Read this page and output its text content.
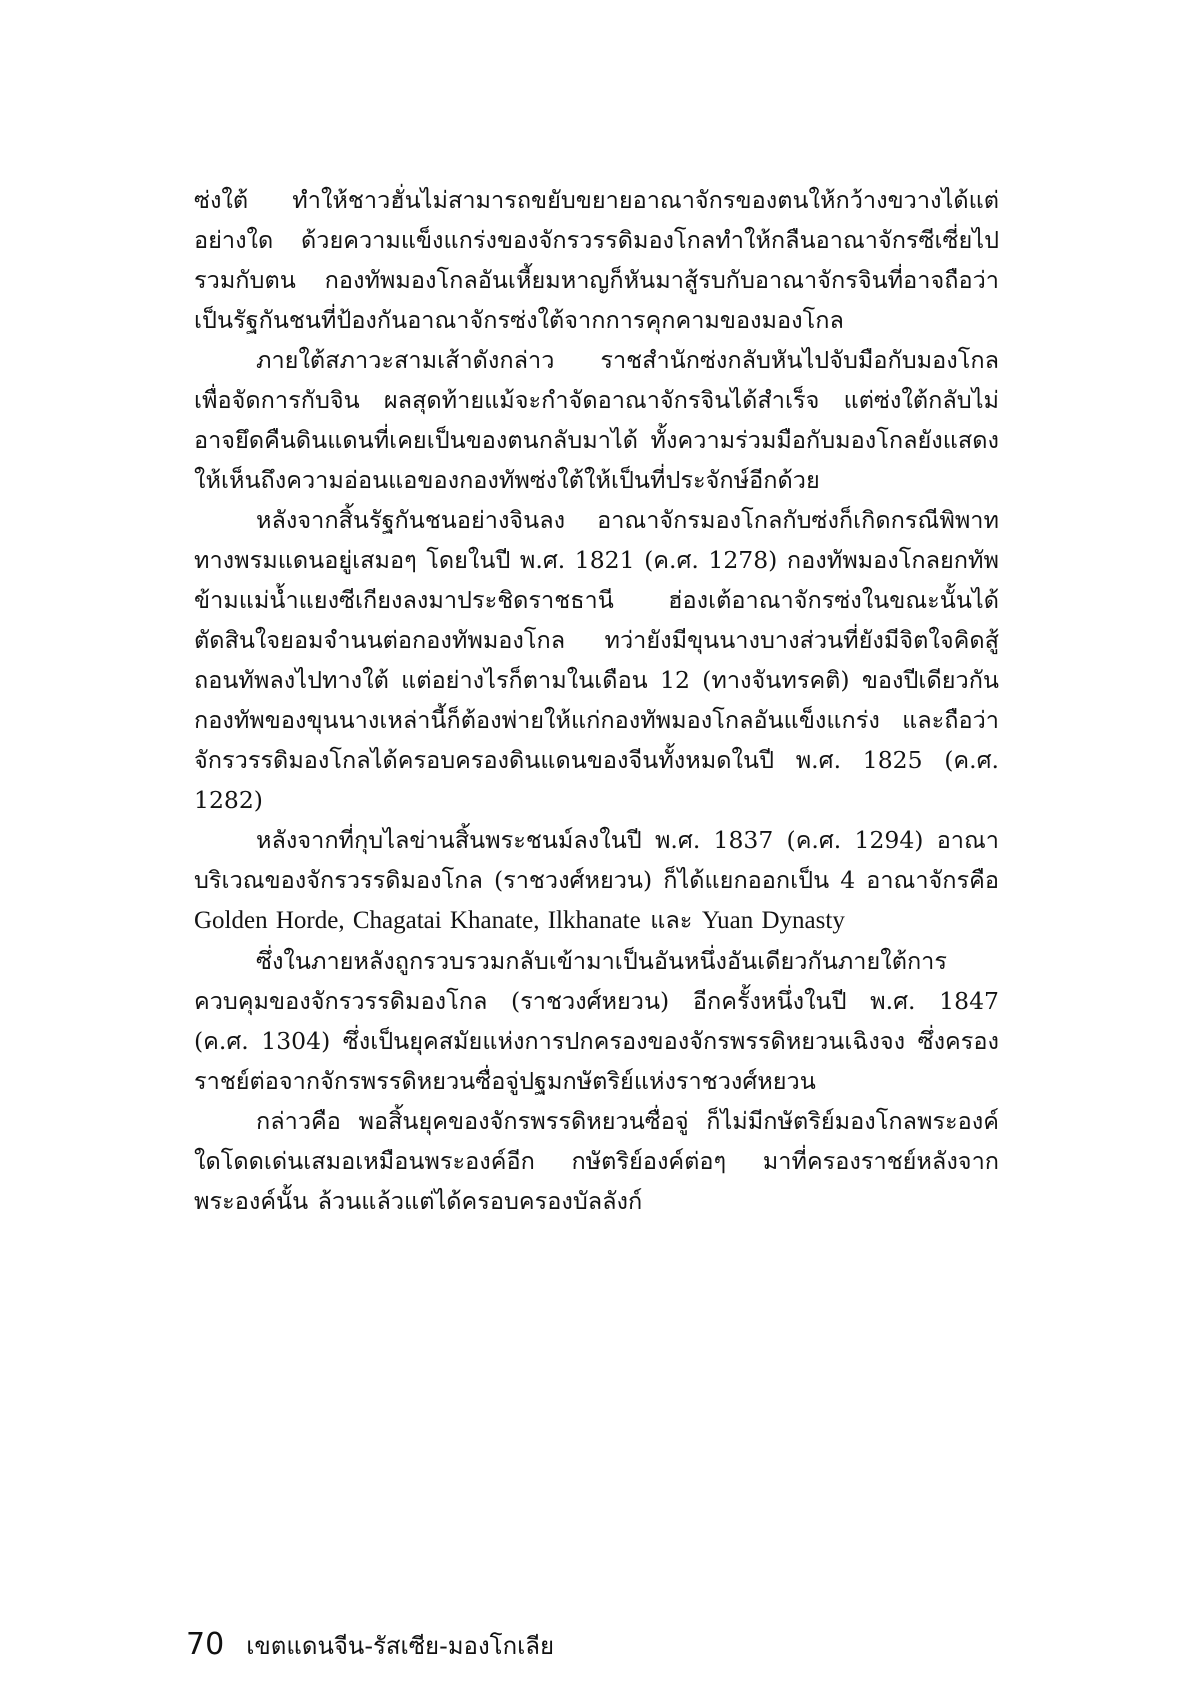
ซ่งใต้ ทำให้ชาวฮั่นไม่สามารถขยับขยายอาณาจักรของตนให้กว้างขวางได้แต่อย่างใด ด้วยความแข็งแกร่งของจักรวรรดิมองโกลทำให้กลืนอาณาจักรซีเซี่ยไปรวมกับตน กองทัพมองโกลอันเหี้ยมหาญก็หันมาสู้รบกับอาณาจักรจินที่อาจถือว่าเป็นรัฐกันชนที่ป้องกันอาณาจักรซ่งใต้จากการคุกคามของมองโกล

ภายใต้สภาวะสามเส้าดังกล่าว ราชสำนักซ่งกลับหันไปจับมือกับมองโกลเพื่อจัดการกับจิน ผลสุดท้ายแม้จะกำจัดอาณาจักรจินได้สำเร็จ แต่ซ่งใต้กลับไม่อาจยึดคืนดินแดนที่เคยเป็นของตนกลับมาได้ ทั้งความร่วมมือกับมองโกลยังแสดงให้เห็นถึงความอ่อนแอของกองทัพซ่งใต้ให้เป็นที่ประจักษ์อีกด้วย

หลังจากสิ้นรัฐกันชนอย่างจินลง อาณาจักรมองโกลกับซ่งก็เกิดกรณีพิพาททางพรมแดนอยู่เสมอๆ โดยในปี พ.ศ. 1821 (ค.ศ. 1278) กองทัพมองโกลยกทัพข้ามแม่น้ำแยงซีเกียงลงมาประชิดราชธานี ฮ่องเต้อาณาจักรซ่งในขณะนั้นได้ตัดสินใจยอมจำนนต่อกองทัพมองโกล ทว่ายังมีขุนนางบางส่วนที่ยังมีจิตใจคิดสู้ถอนทัพลงไปทางใต้ แต่อย่างไรก็ตามในเดือน 12 (ทางจันทรคติ) ของปีเดียวกัน กองทัพของขุนนางเหล่านี้ก็ต้องพ่ายให้แก่กองทัพมองโกลอันแข็งแกร่ง และถือว่าจักรวรรดิมองโกลได้ครอบครองดินแดนของจีนทั้งหมดในปี พ.ศ. 1825 (ค.ศ. 1282)

หลังจากที่กุบไลข่านสิ้นพระชนม์ลงในปี พ.ศ. 1837 (ค.ศ. 1294) อาณาบริเวณของจักรวรรดิมองโกล (ราชวงศ์หยวน) ก็ได้แยกออกเป็น 4 อาณาจักรคือ Golden Horde, Chagatai Khanate, Ilkhanate และ Yuan Dynasty

ซึ่งในภายหลังถูกรวบรวมกลับเข้ามาเป็นอันหนึ่งอันเดียวกันภายใต้การควบคุมของจักรวรรดิมองโกล (ราชวงศ์หยวน) อีกครั้งหนึ่งในปี พ.ศ. 1847 (ค.ศ. 1304) ซึ่งเป็นยุคสมัยแห่งการปกครองของจักรพรรดิหยวนเฉิงจง ซึ่งครองราชย์ต่อจากจักรพรรดิหยวนซื่อจู่ปฐมกษัตริย์แห่งราชวงศ์หยวน

กล่าวคือ พอสิ้นยุคของจักรพรรดิหยวนซื่อจู่ ก็ไม่มีกษัตริย์มองโกลพระองค์ใดโดดเด่นเสมอเหมือนพระองค์อีก กษัตริย์องค์ต่อๆ มาที่ครองราชย์หลังจากพระองค์นั้น ล้วนแล้วแต่ได้ครอบครองบัลลังก์

70 เขตแดนจีน-รัสเซีย-มองโกเลีย
